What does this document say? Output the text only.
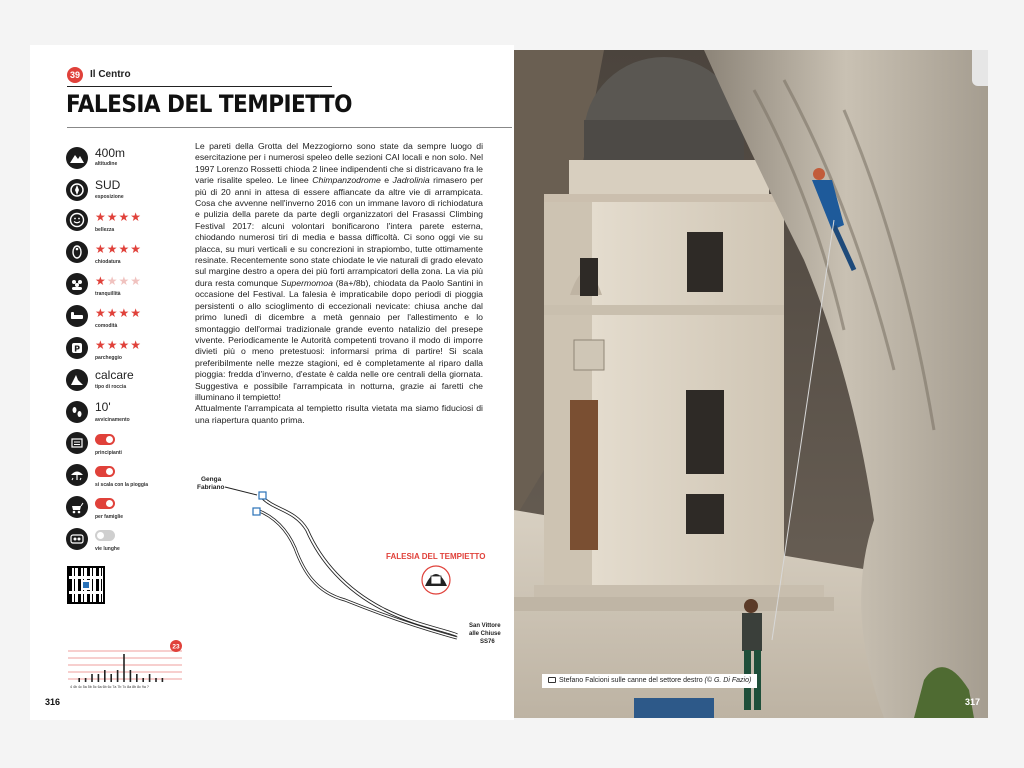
39	Il Centro
FALESIA DEL TEMPIETTO
400m
altitudine
SUD
esposizione
★★★★
bellezza
★★★★
chiodatura
★★★★
tranquillità
★★★★
comodità
P ★★★★
parcheggio
calcare
tipo di roccia
10'
avvicinamento
principianti
si scala con la pioggia
per famiglie
vie lunghe
Le pareti della Grotta del Mezzogiorno sono state da sempre luogo di esercitazione per i numerosi speleo delle sezioni CAI locali e non solo. Nel 1997 Lorenzo Rossetti chioda 2 linee indipendenti che si districavano fra le varie risalite speleo. Le linee Chimpanzodrome e Jadrolinia rimasero per più di 20 anni in attesa di essere affiancate da altre vie di arrampicata. Cosa che avvenne nell'inverno 2016 con un immane lavoro di richiodatura e pulizia della parete da parte degli organizzatori del Frasassi Climbing Festival 2017: alcuni volontari bonificarono l'intera parete esterna, chiodando numerosi tiri di media e bassa difficoltà. Ci sono oggi vie su placca, su muri verticali e su concrezioni in strapiombo, tutte ottimamente resinate. Recentemente sono state chiodate le vie naturali di grado elevato sul margine destro a opera dei più forti arrampicatori della zona. La via più dura resta comunque Supermomoa (8a+/8b), chiodata da Paolo Santini in occasione del Festival. La falesia è impraticabile dopo periodi di pioggia persistenti o allo scioglimento di eccezionali nevicate: chiusa anche dal primo lunedì di dicembre a metà gennaio per l'allestimento e lo smontaggio dell'ormai tradizionale grande evento natalizio del presepe vivente. Periodicamente le Autorità competenti trovano il modo di imporre divieti più o meno pretestuosi: informarsi prima di partire! Si scala preferibilmente nelle mezze stagioni, ed è completamente al riparo dalla pioggia: fredda d'inverno, d'estate è calda nelle ore centrali della giornata. Suggestiva e possibile l'arrampicata in notturna, grazie ai faretti che illuminano il tempietto!
Attualmente l'arrampicata al tempietto risulta vietata ma siamo fiduciosi di una riapertura quanto prima.
Genga
Fabriano
FALESIA DEL TEMPIETTO
San Vittore
alle Chiuse
SS76
23
4 4b 4c 5a 5b 5c 6a 6b 6c 7a 7b 7c 8a 8b 8c 9a ?
316
Stefano Falcioni sulle canne del settore destro (© G. Di Fazio)
317
